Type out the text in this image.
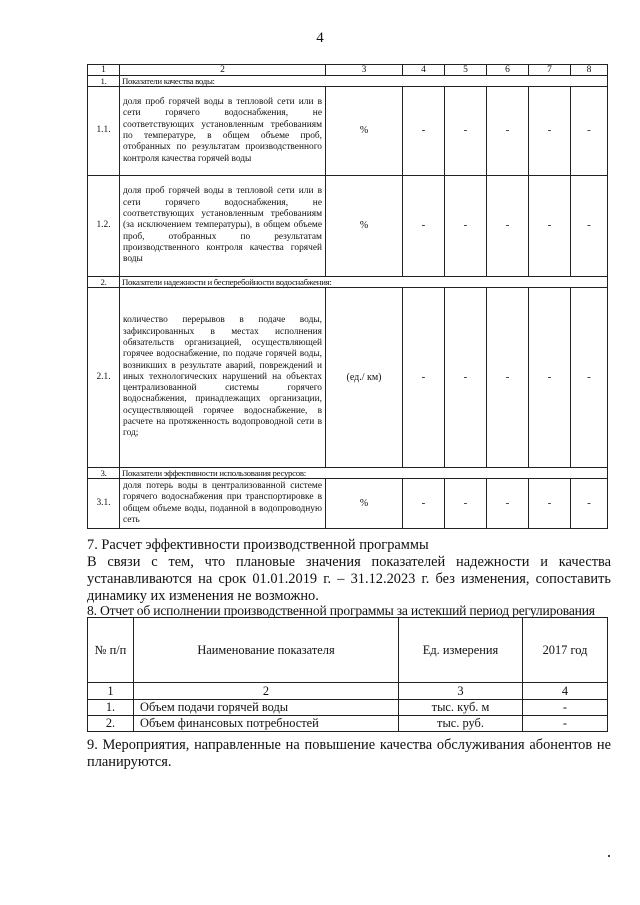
4
1	2	3	4	5	6	7	8
1.	Показатели качества воды:						
1.1.	доля проб горячей воды в тепловой сети или в сети горячего водоснабжения, не соответствующих установленным требованиям по температуре, в общем объеме проб, отобранных по результатам производственного контроля качества горячей воды	%	-	-	-	-	-
1.2.	доля проб горячей воды в тепловой сети или в сети горячего водоснабжения, не соответствующих установленным требованиям (за исключением температуры), в общем объеме проб, отобранных по результатам производственного контроля качества горячей воды	%	-	-	-	-	-
2.	Показатели надежности и бесперебойности водоснабжения:						
2.1.	количество перерывов в подаче воды, зафиксированных в местах исполнения обязательств организацией, осуществляющей горячее водоснабжение, по подаче горячей воды, возникших в результате аварий, повреждений и иных технологических нарушений на объектах централизованной системы горячего водоснабжения, принадлежащих организации, осуществляющей горячее водоснабжение, в расчете на протяженность водопроводной сети в год;	(ед./ км)	-	-	-	-	-
3.	Показатели эффективности использования ресурсов:						
3.1.	доля потерь воды в централизованной системе горячего водоснабжения при транспортировке в общем объеме воды, поданной в водопроводную сеть	%	-	-	-	-	-
7. Расчет эффективности производственной программы
В связи с тем, что плановые значения показателей надежности и качества
устанавливаются на срок 01.01.2019 г. – 31.12.2023 г. без изменения, сопоставить
динамику их изменения не возможно.
8. Отчет об исполнении производственной программы за истекший период регулирования
№ п/п	Наименование показателя	Ед. измерения	2017 год
1	2	3	4
1.	Объем подачи горячей воды	тыс. куб. м	-
2.	Объем финансовых потребностей	тыс. руб.	-
9. Мероприятия, направленные на повышение качества обслуживания абонентов не
планируются.
